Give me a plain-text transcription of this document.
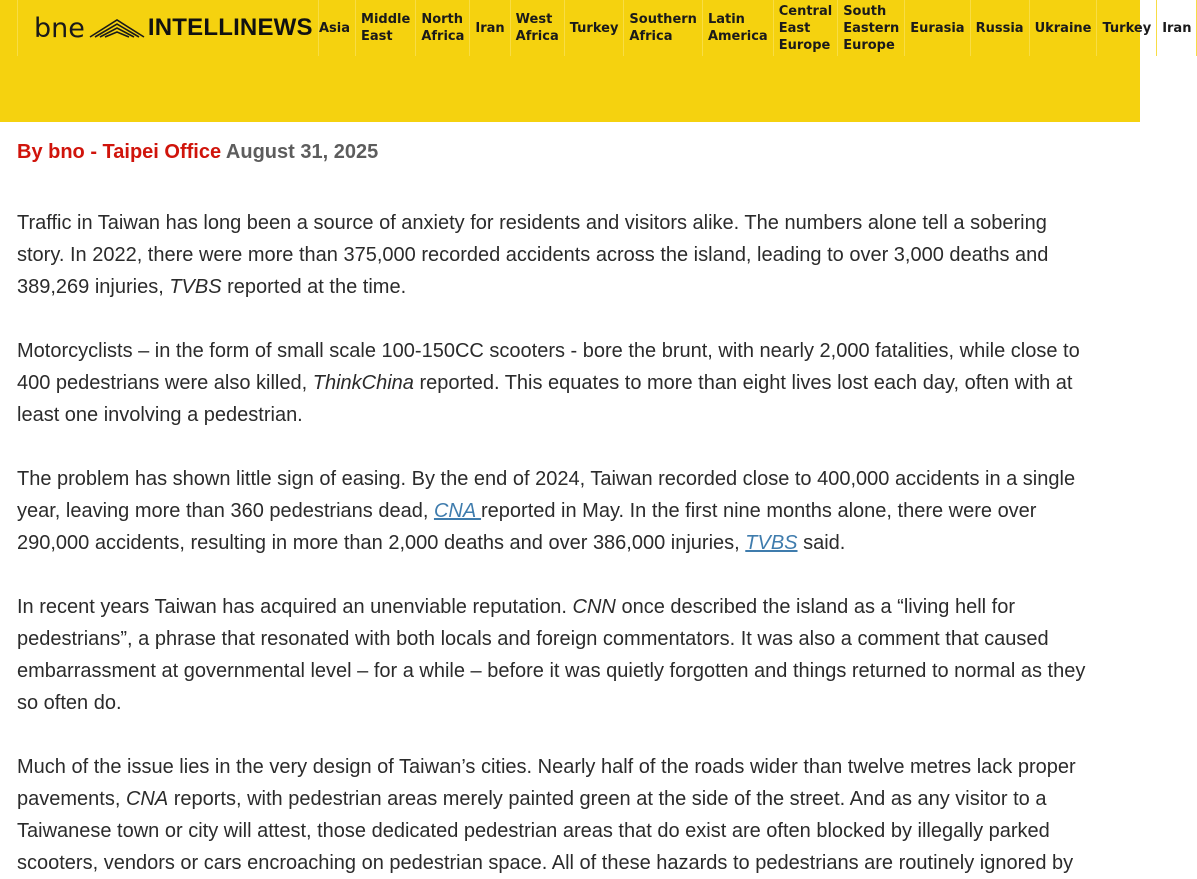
bne	INTELLINEWS Asia
Middle
East
North
Africa
Iran
West
Africa
Turkey
Southern
Africa
Latin
America
Central
East
Europe
South
Eastern
Europe
Eurasia Russia Ukraine Turkey Iran

By bno - Taipei Office August 31, 2025

Traffic in Taiwan has long been a source of anxiety for residents and visitors alike. The numbers alone tell a sobering
story. In 2022, there were more than 375,000 recorded accidents across the island, leading to over 3,000 deaths and
389,269 injuries, TVBS reported at the time.

Motorcyclists – in the form of small scale 100-150CC scooters - bore the brunt, with nearly 2,000 fatalities, while close to
400 pedestrians were also killed, ThinkChina reported. This equates to more than eight lives lost each day, often with at
least one involving a pedestrian.

The problem has shown little sign of easing. By the end of 2024, Taiwan recorded close to 400,000 accidents in a single
year, leaving more than 360 pedestrians dead, CNA reported in May. In the first nine months alone, there were over
290,000 accidents, resulting in more than 2,000 deaths and over 386,000 injuries, TVBS said.

In recent years Taiwan has acquired an unenviable reputation. CNN once described the island as a “living hell for
pedestrians”, a phrase that resonated with both locals and foreign commentators. It was also a comment that caused
embarrassment at governmental level – for a while – before it was quietly forgotten and things returned to normal as they
so often do.

Much of the issue lies in the very design of Taiwan’s cities. Nearly half of the roads wider than twelve metres lack proper
pavements, CNA reports, with pedestrian areas merely painted green at the side of the street. And as any visitor to a
Taiwanese town or city will attest, those dedicated pedestrian areas that do exist are often blocked by illegally parked
scooters, vendors or cars encroaching on pedestrian space. All of these hazards to pedestrians are routinely ignored by
